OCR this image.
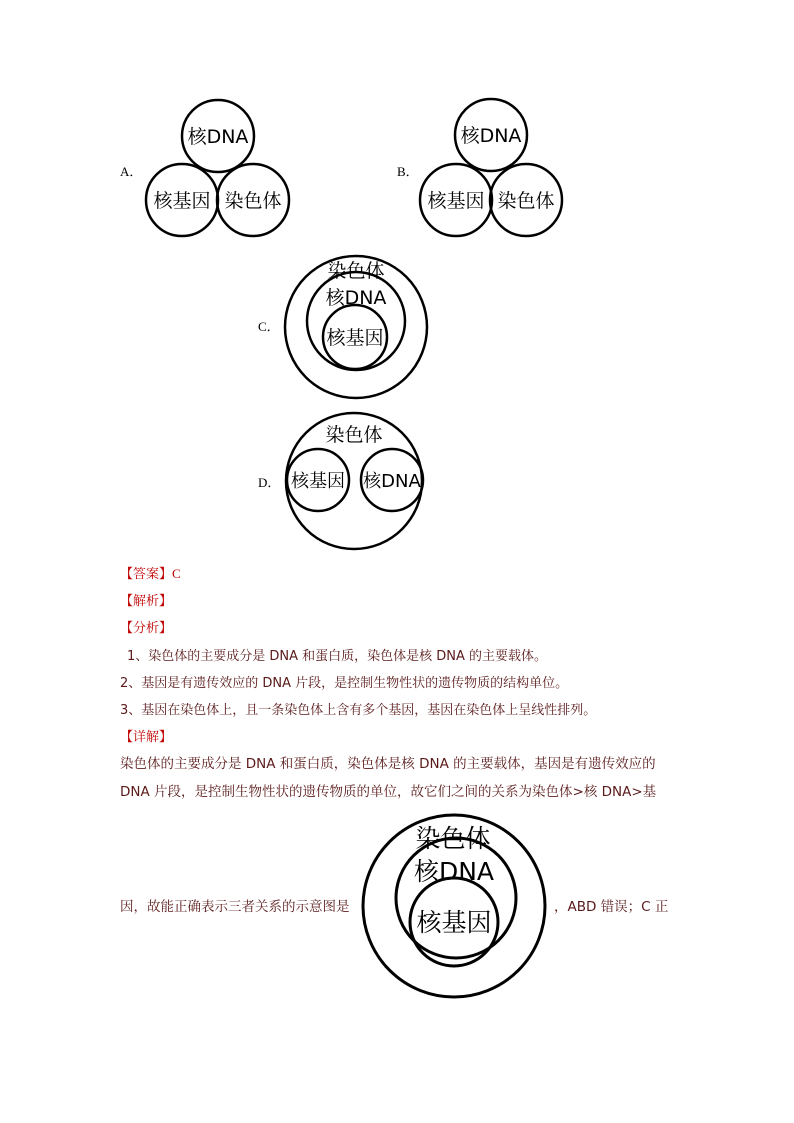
A．
核DNA
核基因 染色体
B．
核DNA
核基因 染色体
C．
染色体
核DNA
核基因
D．
染色体
核基因 核DNA
【答案】C
【解析】
【分析】
1、染色体的主要成分是 DNA 和蛋白质，染色体是核 DNA 的主要载体。
2、基因是有遗传效应的 DNA 片段，是控制生物性状的遗传物质的结构单位。
3、基因在染色体上，且一条染色体上含有多个基因，基因在染色体上呈线性排列。
【详解】
染色体的主要成分是 DNA 和蛋白质，染色体是核 DNA 的主要载体，基因是有遗传效应的
DNA 片段，是控制生物性状的遗传物质的单位，故它们之间的关系为染色体>核 DNA>基
因，故能正确表示三者关系的示意图是	，ABD 错误；C 正
染色体
核DNA
核基因
